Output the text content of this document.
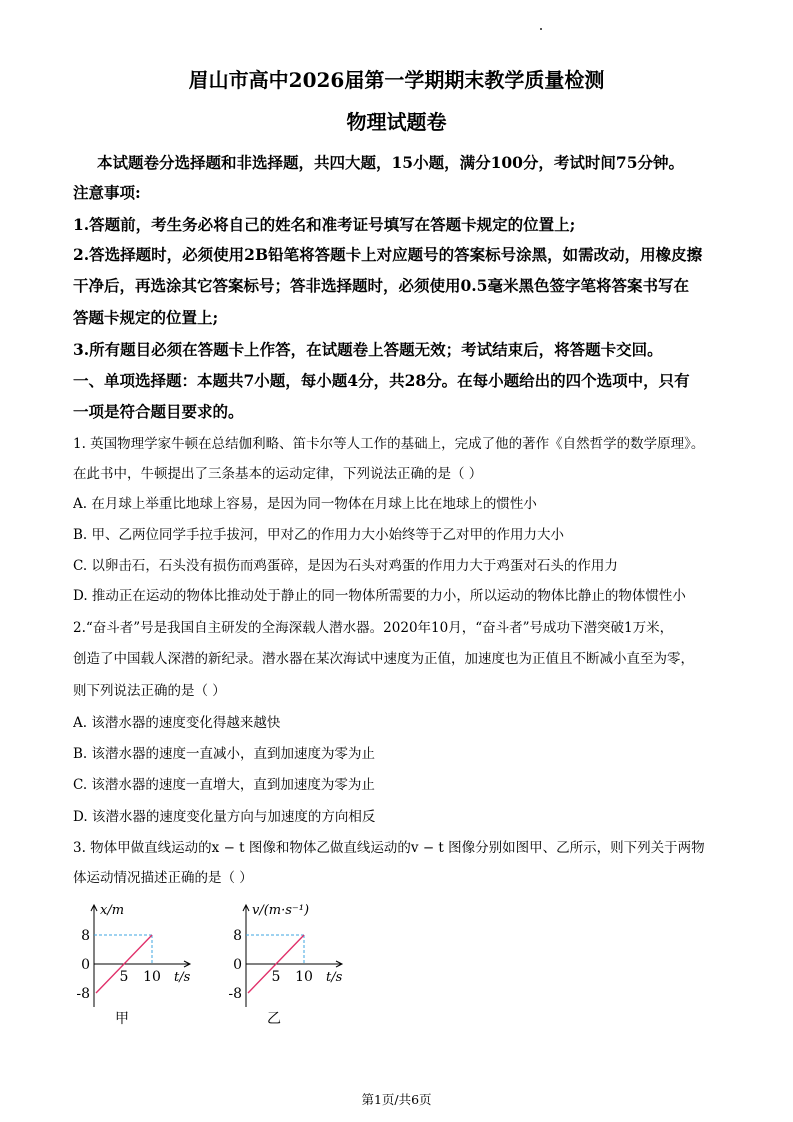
眉山市高中2026届第一学期期末教学质量检测
物理试题卷
本试题卷分选择题和非选择题，共四大题，15小题，满分100分，考试时间75分钟。
注意事项:
1.答题前，考生务必将自己的姓名和准考证号填写在答题卡规定的位置上;
2.答选择题时，必须使用2B铅笔将答题卡上对应题号的答案标号涂黑，如需改动，用橡皮擦
干净后，再选涂其它答案标号；答非选择题时，必须使用0.5毫米黑色签字笔将答案书写在
答题卡规定的位置上;
3.所有题目必须在答题卡上作答，在试题卷上答题无效；考试结束后，将答题卡交回。
一、单项选择题：本题共7小题，每小题4分，共28分。在每小题给出的四个选项中，只有
一项是符合题目要求的。
1. 英国物理学家牛顿在总结伽利略、笛卡尔等人工作的基础上，完成了他的著作《自然哲学的数学原理》。
在此书中，牛顿提出了三条基本的运动定律，下列说法正确的是（ ）
A. 在月球上举重比地球上容易，是因为同一物体在月球上比在地球上的惯性小
B. 甲、乙两位同学手拉手拔河，甲对乙的作用力大小始终等于乙对甲的作用力大小
C. 以卵击石，石头没有损伤而鸡蛋碎，是因为石头对鸡蛋的作用力大于鸡蛋对石头的作用力
D. 推动正在运动的物体比推动处于静止的同一物体所需要的力小，所以运动的物体比静止的物体惯性小
2.“奋斗者”号是我国自主研发的全海深载人潜水器。2020年10月，“奋斗者”号成功下潜突破1万米，
创造了中国载人深潜的新纪录。潜水器在某次海试中速度为正值，加速度也为正值且不断减小直至为零，
则下列说法正确的是（ ）
A. 该潜水器的速度变化得越来越快
B. 该潜水器的速度一直减小，直到加速度为零为止
C. 该潜水器的速度一直增大，直到加速度为零为止
D. 该潜水器的速度变化量方向与加速度的方向相反
3. 物体甲做直线运动的x − t 图像和物体乙做直线运动的v − t 图像分别如图甲、乙所示，则下列关于两物
体运动情况描述正确的是（ ）
8
0
-8
5 10
x/m
t/s
甲
8
0
-8
5 10
v/(m·s⁻¹)
t/s
乙
第1页/共6页
